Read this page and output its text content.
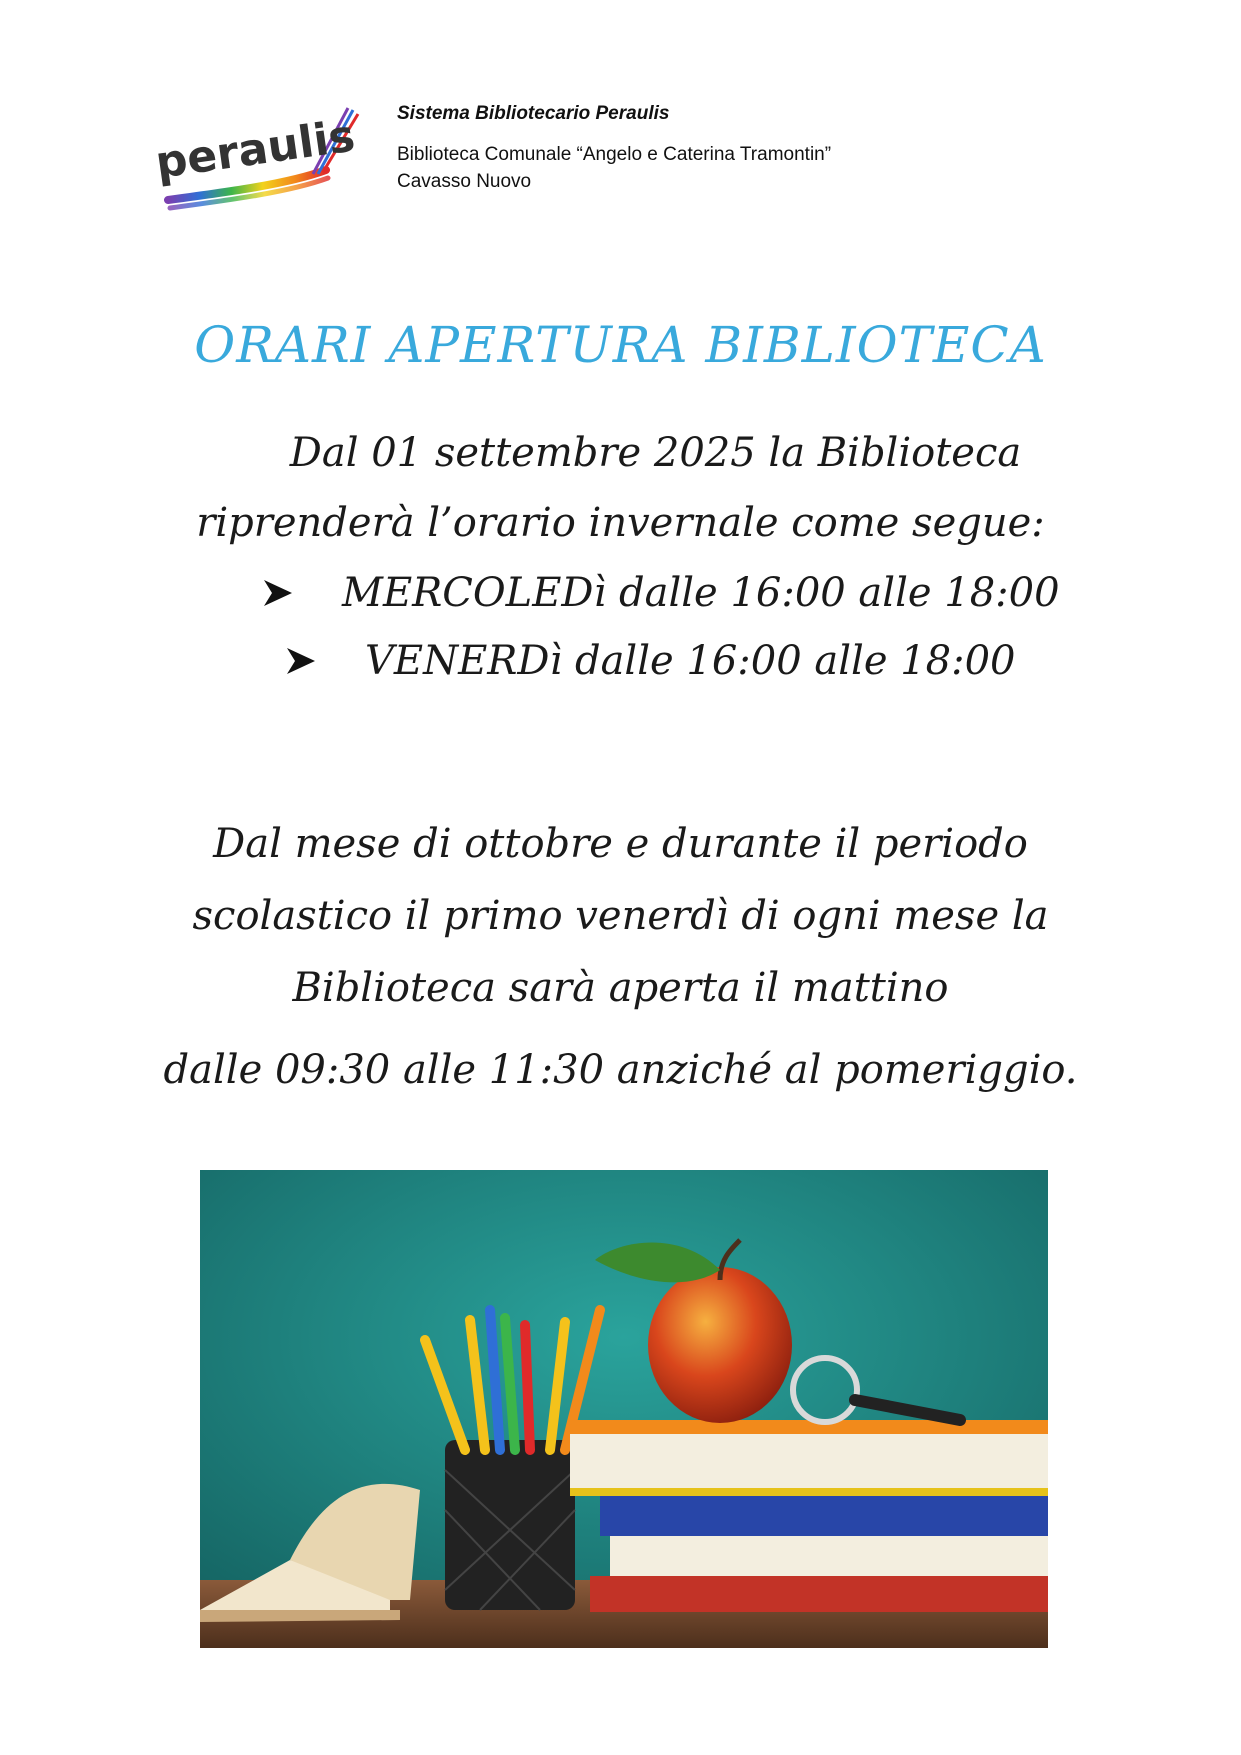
peraulis Sistema Bibliotecario Peraulis
Biblioteca Comunale “Angelo e Caterina Tramontin”
Cavasso Nuovo
ORARI APERTURA BIBLIOTECA
Dal 01 settembre 2025 la Biblioteca
riprenderà l’orario invernale come segue:
MERCOLEDì dalle 16:00 alle 18:00
VENERDì dalle 16:00 alle 18:00
Dal mese di ottobre e durante il periodo
scolastico il primo venerdì di ogni mese la
Biblioteca sarà aperta il mattino
dalle 09:30 alle 11:30 anziché al pomeriggio.
